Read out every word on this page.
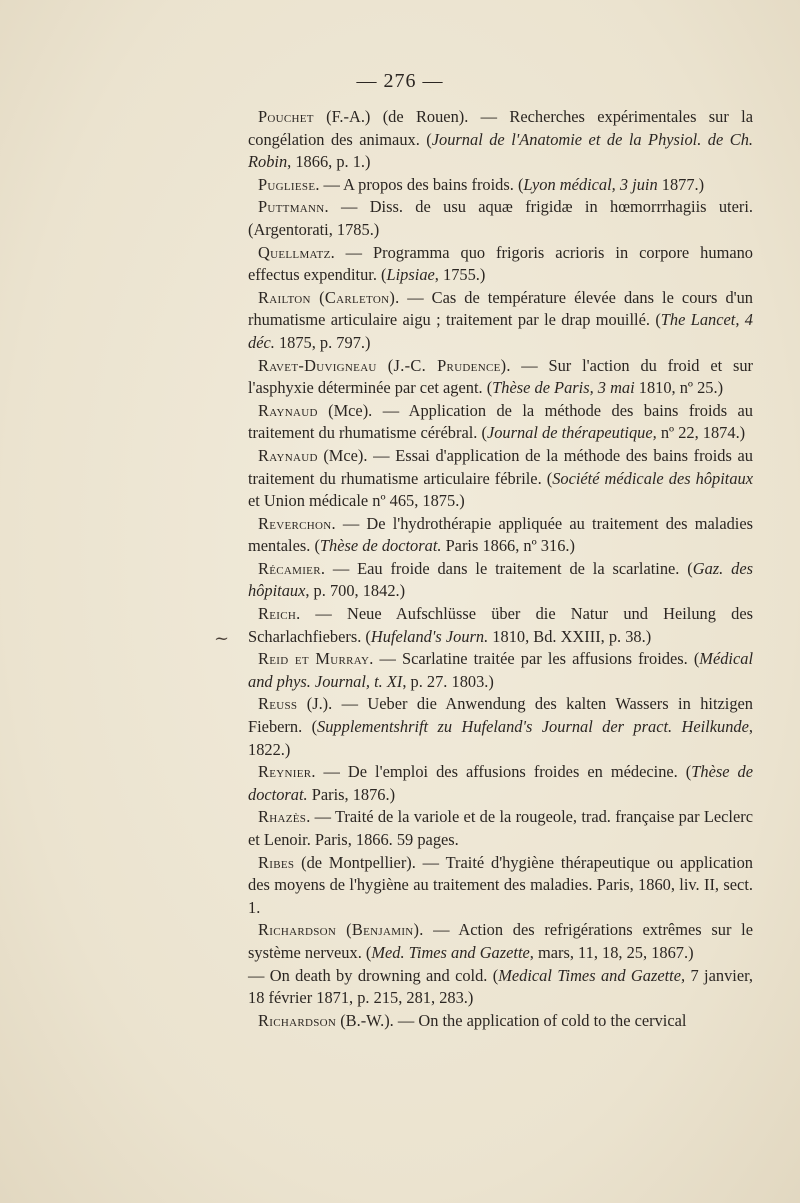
— 276 —
~

Pouchet (F.-A.) (de Rouen). — Recherches expérimentales sur la congélation des animaux. (Journal de l'Anatomie et de la Physiol. de Ch. Robin, 1866, p. 1.)

Pugliese. — A propos des bains froids. (Lyon médical, 3 juin 1877.)

Puttmann. — Diss. de usu aquæ frigidæ in hœmorrrhagiis uteri. (Argentorati, 1785.)

Quellmatz. — Programma quo frigoris acrioris in corpore humano effectus expenditur. (Lipsiae, 1755.)

Railton (Carleton). — Cas de température élevée dans le cours d'un rhumatisme articulaire aigu ; traitement par le drap mouillé. (The Lancet, 4 déc. 1875, p. 797.)

Ravet-Duvigneau (J.-C. Prudence). — Sur l'action du froid et sur l'asphyxie déterminée par cet agent. (Thèse de Paris, 3 mai 1810, nº 25.)

Raynaud (Mce). — Application de la méthode des bains froids au traitement du rhumatisme cérébral. (Journal de thérapeutique, nº 22, 1874.)

Raynaud (Mce). — Essai d'application de la méthode des bains froids au traitement du rhumatisme articulaire fébrile. (Société médicale des hôpitaux et Union médicale nº 465, 1875.)

Reverchon. — De l'hydrothérapie appliquée au traitement des maladies mentales. (Thèse de doctorat. Paris 1866, nº 316.)

Récamier. — Eau froide dans le traitement de la scarlatine. (Gaz. des hôpitaux, p. 700, 1842.)

Reich. — Neue Aufschlüsse über die Natur und Heilung des Scharlachfiebers. (Hufeland's Journ. 1810, Bd. XXIII, p. 38.)

Reid et Murray. — Scarlatine traitée par les affusions froides. (Médical and phys. Journal, t. XI, p. 27. 1803.)

Reuss (J.). — Ueber die Anwendung des kalten Wassers in hitzigen Fiebern. (Supplementshrift zu Hufeland's Journal der pract. Heilkunde, 1822.)

Reynier. — De l'emploi des affusions froides en médecine. (Thèse de doctorat. Paris, 1876.)

Rhazès. — Traité de la variole et de la rougeole, trad. française par Leclerc et Lenoir. Paris, 1866. 59 pages.

Ribes (de Montpellier). — Traité d'hygiène thérapeutique ou application des moyens de l'hygiène au traitement des maladies. Paris, 1860, liv. II, sect. 1.

Richardson (Benjamin). — Action des refrigérations extrêmes sur le système nerveux. (Med. Times and Gazette, mars, 11, 18, 25, 1867.)

— On death by drowning and cold. (Medical Times and Gazette, 7 janvier, 18 février 1871, p. 215, 281, 283.)

Richardson (B.-W.). — On the application of cold to the cervical
